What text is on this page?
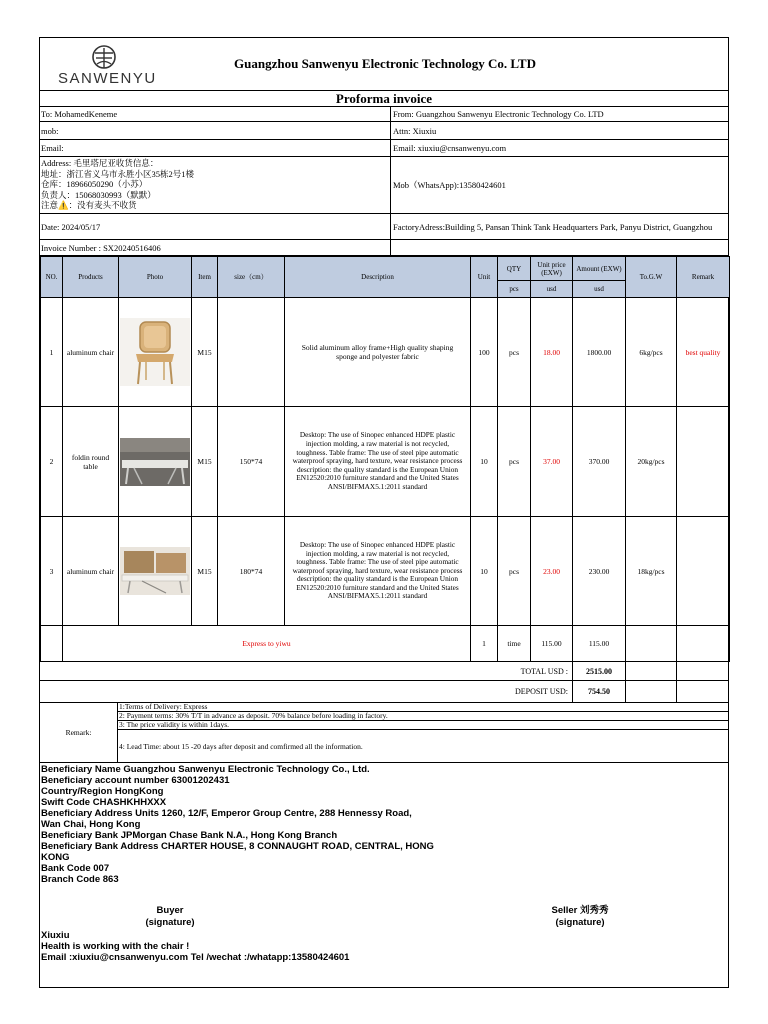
SANWENYU
Guangzhou Sanwenyu Electronic Technology Co. LTD
Proforma invoice
To: MohamedKeneme	From: Guangzhou Sanwenyu Electronic Technology Co. LTD
mob:	Attn: Xiuxiu
Email:	Email: xiuxiu@cnsanwenyu.com
Address: 毛里塔尼亚收货信息：
地址：浙江省义乌市永胜小区35栋2号1楼
仓库：18966050290（小苏）
负责人：15068030993（默默）
注意⚠️：没有麦头不收货
Mob（WhatsApp):13580424601
Date: 2024/05/17	FactoryAdress:Building 5, Pansan Think Tank Headquarters Park, Panyu District, Guangzhou
Invoice Number : SX20240516406
NO.	Products	Photo	Item	size（cm）	Description	Unit	QTY	Unit price (EXW)	Amount (EXW)	To.G.W	Remark
							pcs	usd	usd		
1	aluminum chair		M15		Solid aluminum alloy frame+High quality shaping sponge and polyester fabric	100	pcs	18.00	1800.00	6kg/pcs	best quality
2	foldin round table		M15	150*74	Desktop: The use of Sinopec enhanced HDPE plastic injection molding, a raw material is not recycled, toughness. Table frame: The use of steel pipe automatic waterproof spraying, hard texture, wear resistance process description: the quality standard is the European Union EN12520:2010 furniture standard and the United States ANSI/BIFMAX5.1:2011 standard	10	pcs	37.00	370.00	20kg/pcs	
3	aluminum chair		M15	180*74	Desktop: The use of Sinopec enhanced HDPE plastic injection molding, a raw material is not recycled, toughness. Table frame: The use of steel pipe automatic waterproof spraying, hard texture, wear resistance process description: the quality standard is the European Union EN12520:2010 furniture standard and the United States ANSI/BIFMAX5.1:2011 standard	10	pcs	23.00	230.00	18kg/pcs	
	Express to yiwu					1	time	115.00	115.00		
TOTAL USD :	2515.00
DEPOSIT USD:	754.50
Remark:
1:Terms of Delivery: Express
2: Payment terms: 30% T/T in advance as deposit. 70% balance before loading in factory.
3: The price validity is within 1days.
4: Lead Time: about 15 -20 days after deposit and comfirmed all the information.
Beneficiary Name Guangzhou Sanwenyu Electronic Technology Co., Ltd.
Beneficiary account number 63001202431
Country/Region HongKong
Swift Code CHASHKHHXXX
Beneficiary Address Units 1260, 12/F, Emperor Group Centre, 288 Hennessy Road,
Wan Chai, Hong Kong
Beneficiary Bank JPMorgan Chase Bank N.A., Hong Kong Branch
Beneficiary Bank Address CHARTER HOUSE, 8 CONNAUGHT ROAD, CENTRAL, HONG
KONG
Bank Code 007
Branch Code 863
Buyer
(signature)
Seller 刘秀秀
(signature)
Xiuxiu
Health is working with the chair !
Email :xiuxiu@cnsanwenyu.com Tel /wechat :/whatapp:13580424601
